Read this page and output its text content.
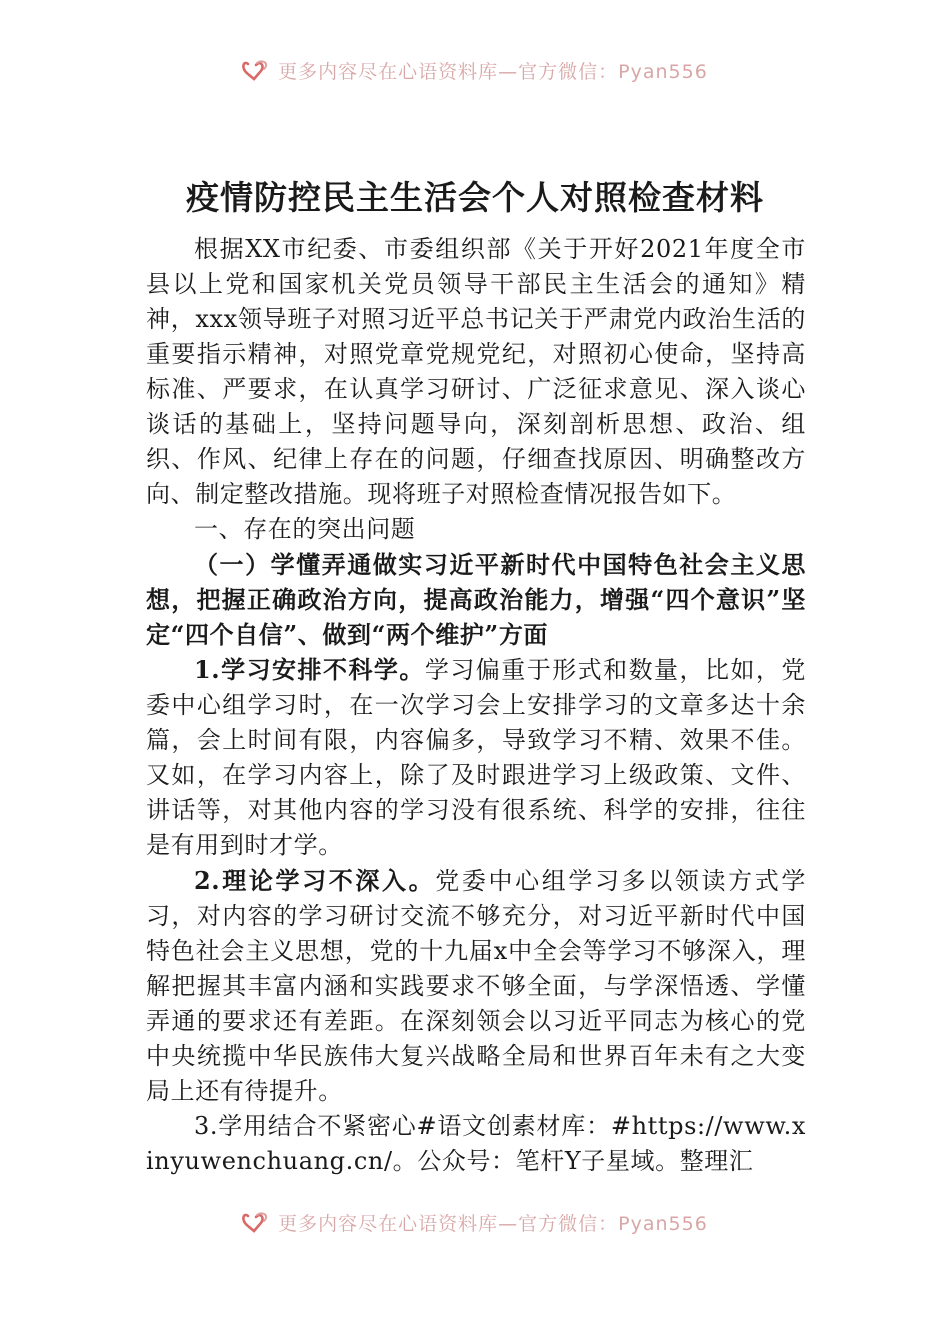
更多内容尽在心语资料库—官方微信：Pyan556
疫情防控民主生活会个人对照检查材料

根据XX市纪委、市委组织部《关于开好2021年度全市县以上党和国家机关党员领导干部民主生活会的通知》精神，xxx领导班子对照习近平总书记关于严肃党内政治生活的重要指示精神，对照党章党规党纪，对照初心使命，坚持高标准、严要求，在认真学习研讨、广泛征求意见、深入谈心谈话的基础上，坚持问题导向，深刻剖析思想、政治、组织、作风、纪律上存在的问题，仔细查找原因、明确整改方向、制定整改措施。现将班子对照检查情况报告如下。

一、存在的突出问题

（一）学懂弄通做实习近平新时代中国特色社会主义思想，把握正确政治方向，提高政治能力，增强“四个意识”坚定“四个自信”、做到“两个维护”方面

1.学习安排不科学。学习偏重于形式和数量，比如，党委中心组学习时，在一次学习会上安排学习的文章多达十余篇，会上时间有限，内容偏多，导致学习不精、效果不佳。又如，在学习内容上，除了及时跟进学习上级政策、文件、讲话等，对其他内容的学习没有很系统、科学的安排，往往是有用到时才学。

2.理论学习不深入。党委中心组学习多以领读方式学习，对内容的学习研讨交流不够充分，对习近平新时代中国特色社会主义思想，党的十九届x中全会等学习不够深入，理解把握其丰富内涵和实践要求不够全面，与学深悟透、学懂弄通的要求还有差距。在深刻领会以习近平同志为核心的党中央统揽中华民族伟大复兴战略全局和世界百年未有之大变局上还有待提升。

3.学用结合不紧密心#语文创素材库：#https://www.xinyuwenchuang.cn/。公众号：笔杆Y子星域。整理汇

更多内容尽在心语资料库—官方微信：Pyan556
